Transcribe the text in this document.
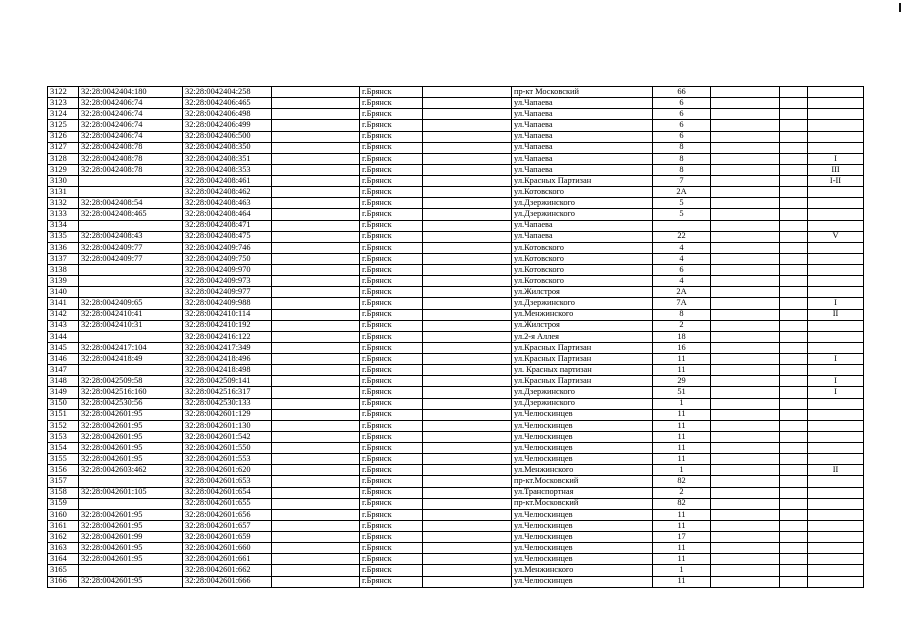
3122	32:28:0042404:180	32:28:0042404:258		г.Брянск		пр-кт Московский	66			
3123	32:28:0042406:74	32:28:0042406:465		г.Брянск		ул.Чапаева	6			
3124	32:28:0042406:74	32:28:0042406:498		г.Брянск		ул.Чапаева	6			
3125	32:28:0042406:74	32:28:0042406:499		г.Брянск		ул.Чапаева	6			
3126	32:28:0042406:74	32:28:0042406:500		г.Брянск		ул.Чапаева	6			
3127	32:28:0042408:78	32:28:0042408:350		г.Брянск		ул.Чапаева	8			
3128	32:28:0042408:78	32:28:0042408:351		г.Брянск		ул.Чапаева	8			I
3129	32:28:0042408:78	32:28:0042408:353		г.Брянск		ул.Чапаева	8			III
3130		32:28:0042408:461		г.Брянск		ул.Красных Партизан	7			I-II
3131		32:28:0042408:462		г.Брянск		ул.Котовского	2А			
3132	32:28:0042408:54	32:28:0042408:463		г.Брянск		ул.Дзержинского	5			
3133	32:28:0042408:465	32:28:0042408:464		г.Брянск		ул.Дзержинского	5			
3134		32:28:0042408:471		г.Брянск		ул.Чапаева				
3135	32:28:0042408:43	32:28:0042408:475		г.Брянск		ул.Чапаева	22			V
3136	32:28:0042409:77	32:28:0042409:746		г.Брянск		ул.Котовского	4			
3137	32:28:0042409:77	32:28:0042409:750		г.Брянск		ул.Котовского	4			
3138		32:28:0042409:970		г.Брянск		ул.Котовского	6			
3139		32:28:0042409:973		г.Брянск		ул.Котовского	4			
3140		32:28:0042409:977		г.Брянск		ул.Жилстроя	2А			
3141	32:28:0042409:65	32:28:0042409:988		г.Брянск		ул.Дзержинского	7А			I
3142	32:28:0042410:41	32:28:0042410:114		г.Брянск		ул.Менжинского	8			II
3143	32:28:0042410:31	32:28:0042410:192		г.Брянск		ул.Жилстроя	2			
3144		32:28:0042416:122		г.Брянск		ул.2-я Аллея	18			
3145	32:28:0042417:104	32:28:0042417:349		г.Брянск		ул.Красных Партизан	16			
3146	32:28:0042418:49	32:28:0042418:496		г.Брянск		ул.Красных Партизан	11			I
3147		32:28:0042418:498		г.Брянск		ул. Красных партизан	11			
3148	32:28:0042509:58	32:28:0042509:141		г.Брянск		ул.Красных Партизан	29			I
3149	32:28:0042516:160	32:28:0042516:317		г.Брянск		ул.Дзержинского	51			I
3150	32:28:0042530:56	32:28:0042530:133		г.Брянск		ул.Дзержинского	1			
3151	32:28:0042601:95	32:28:0042601:129		г.Брянск		ул.Челюскинцев	11			
3152	32:28:0042601:95	32:28:0042601:130		г.Брянск		ул.Челюскинцев	11			
3153	32:28:0042601:95	32:28:0042601:542		г.Брянск		ул.Челюскинцев	11			
3154	32:28:0042601:95	32:28:0042601:550		г.Брянск		ул.Челюскинцев	11			
3155	32:28:0042601:95	32:28:0042601:553		г.Брянск		ул.Челюскинцев	11			
3156	32:28:0042603:462	32:28:0042601:620		г.Брянск		ул.Менжинского	1			II
3157		32:28:0042601:653		г.Брянск		пр-кт.Московский	82			
3158	32:28:0042601:105	32:28:0042601:654		г.Брянск		ул.Транспортная	2			
3159		32:28:0042601:655		г.Брянск		пр-кт.Московский	82			
3160	32:28:0042601:95	32:28:0042601:656		г.Брянск		ул.Челюскинцев	11			
3161	32:28:0042601:95	32:28:0042601:657		г.Брянск		ул.Челюскинцев	11			
3162	32:28:0042601:99	32:28:0042601:659		г.Брянск		ул.Челюскинцев	17			
3163	32:28:0042601:95	32:28:0042601:660		г.Брянск		ул.Челюскинцев	11			
3164	32:28:0042601:95	32:28:0042601:661		г.Брянск		ул.Челюскинцев	11			
3165		32:28:0042601:662		г.Брянск		ул.Менжинского	1			
3166	32:28:0042601:95	32:28:0042601:666		г.Брянск		ул.Челюскинцев	11			
